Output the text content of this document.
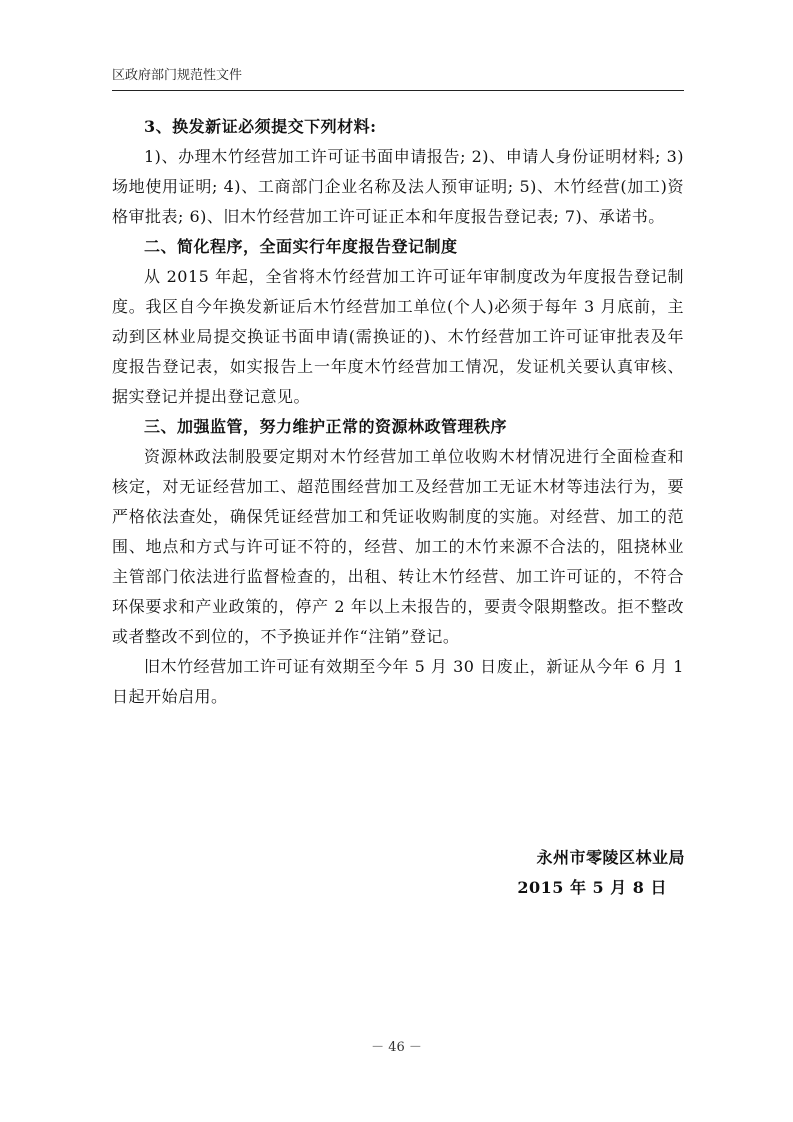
区政府部门规范性文件

3、换发新证必须提交下列材料:

1)、办理木竹经营加工许可证书面申请报告; 2)、申请人身份证明材料; 3)场地使用证明; 4)、工商部门企业名称及法人预审证明; 5)、木竹经营(加工)资格审批表; 6)、旧木竹经营加工许可证正本和年度报告登记表; 7)、承诺书。

二、简化程序，全面实行年度报告登记制度

从 2015 年起，全省将木竹经营加工许可证年审制度改为年度报告登记制度。我区自今年换发新证后木竹经营加工单位(个人)必须于每年 3 月底前，主动到区林业局提交换证书面申请(需换证的)、木竹经营加工许可证审批表及年度报告登记表，如实报告上一年度木竹经营加工情况，发证机关要认真审核、据实登记并提出登记意见。

三、加强监管，努力维护正常的资源林政管理秩序

资源林政法制股要定期对木竹经营加工单位收购木材情况进行全面检查和核定，对无证经营加工、超范围经营加工及经营加工无证木材等违法行为，要严格依法查处，确保凭证经营加工和凭证收购制度的实施。对经营、加工的范围、地点和方式与许可证不符的，经营、加工的木竹来源不合法的，阻挠林业主管部门依法进行监督检查的，出租、转让木竹经营、加工许可证的，不符合环保要求和产业政策的，停产 2 年以上未报告的，要责令限期整改。拒不整改或者整改不到位的，不予换证并作“注销”登记。

旧木竹经营加工许可证有效期至今年 5 月 30 日废止，新证从今年 6 月 1 日起开始启用。

永州市零陵区林业局
2015 年 5 月 8 日
－ 46 －
